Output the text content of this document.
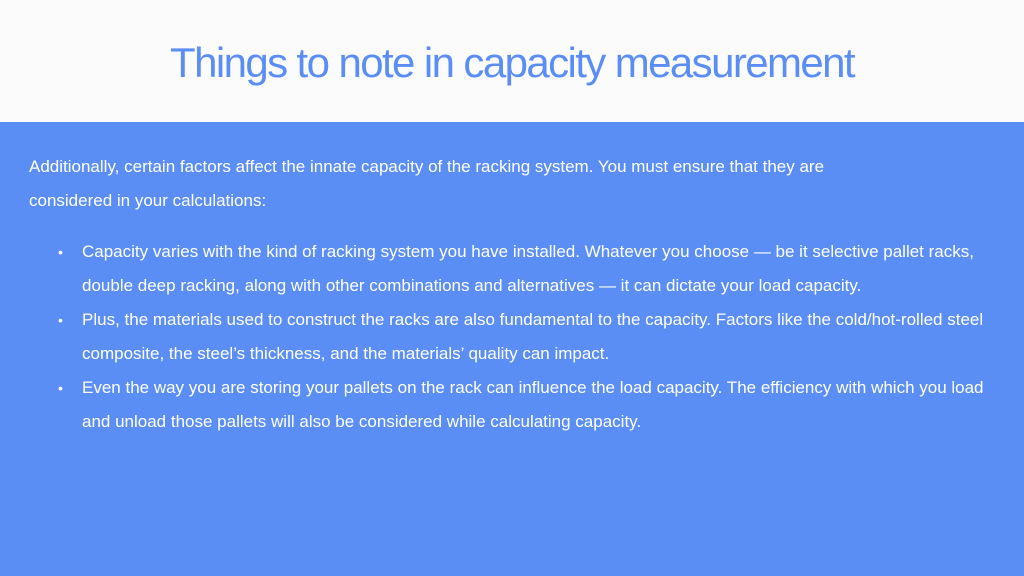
Things to note in capacity measurement
Additionally, certain factors affect the innate capacity of the racking system. You must ensure that they are considered in your calculations:
•	Capacity varies with the kind of racking system you have installed. Whatever you choose — be it selective pallet racks, double deep racking, along with other combinations and alternatives — it can dictate your load capacity.
•	Plus, the materials used to construct the racks are also fundamental to the capacity. Factors like the cold/hot-rolled steel composite, the steel’s thickness, and the materials’ quality can impact.
•	Even the way you are storing your pallets on the rack can influence the load capacity. The efficiency with which you load and unload those pallets will also be considered while calculating capacity.
